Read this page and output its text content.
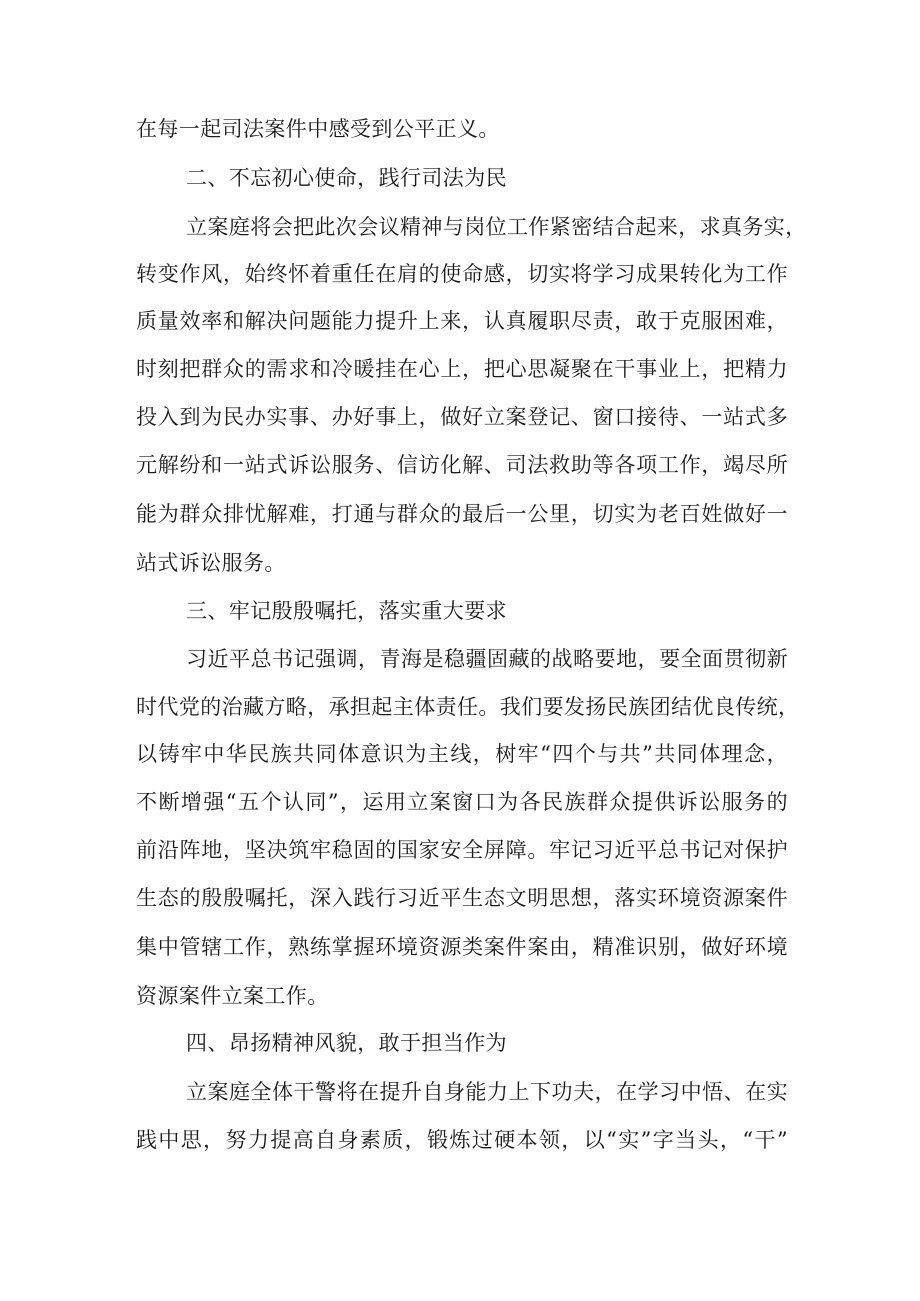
在每一起司法案件中感受到公平正义。
二、不忘初心使命，践行司法为民
立案庭将会把此次会议精神与岗位工作紧密结合起来，求真务实，
转变作风，始终怀着重任在肩的使命感，切实将学习成果转化为工作
质量效率和解决问题能力提升上来，认真履职尽责，敢于克服困难，
时刻把群众的需求和冷暖挂在心上，把心思凝聚在干事业上，把精力
投入到为民办实事、办好事上，做好立案登记、窗口接待、一站式多
元解纷和一站式诉讼服务、信访化解、司法救助等各项工作，竭尽所
能为群众排忧解难，打通与群众的最后一公里，切实为老百姓做好一
站式诉讼服务。
三、牢记殷殷嘱托，落实重大要求
习近平总书记强调，青海是稳疆固藏的战略要地，要全面贯彻新
时代党的治藏方略，承担起主体责任。我们要发扬民族团结优良传统，
以铸牢中华民族共同体意识为主线，树牢“四个与共”共同体理念，
不断增强“五个认同”，运用立案窗口为各民族群众提供诉讼服务的
前沿阵地，坚决筑牢稳固的国家安全屏障。牢记习近平总书记对保护
生态的殷殷嘱托，深入践行习近平生态文明思想，落实环境资源案件
集中管辖工作，熟练掌握环境资源类案件案由，精准识别，做好环境
资源案件立案工作。
四、昂扬精神风貌，敢于担当作为
立案庭全体干警将在提升自身能力上下功夫，在学习中悟、在实
践中思，努力提高自身素质，锻炼过硬本领，以“实”字当头，“干”
